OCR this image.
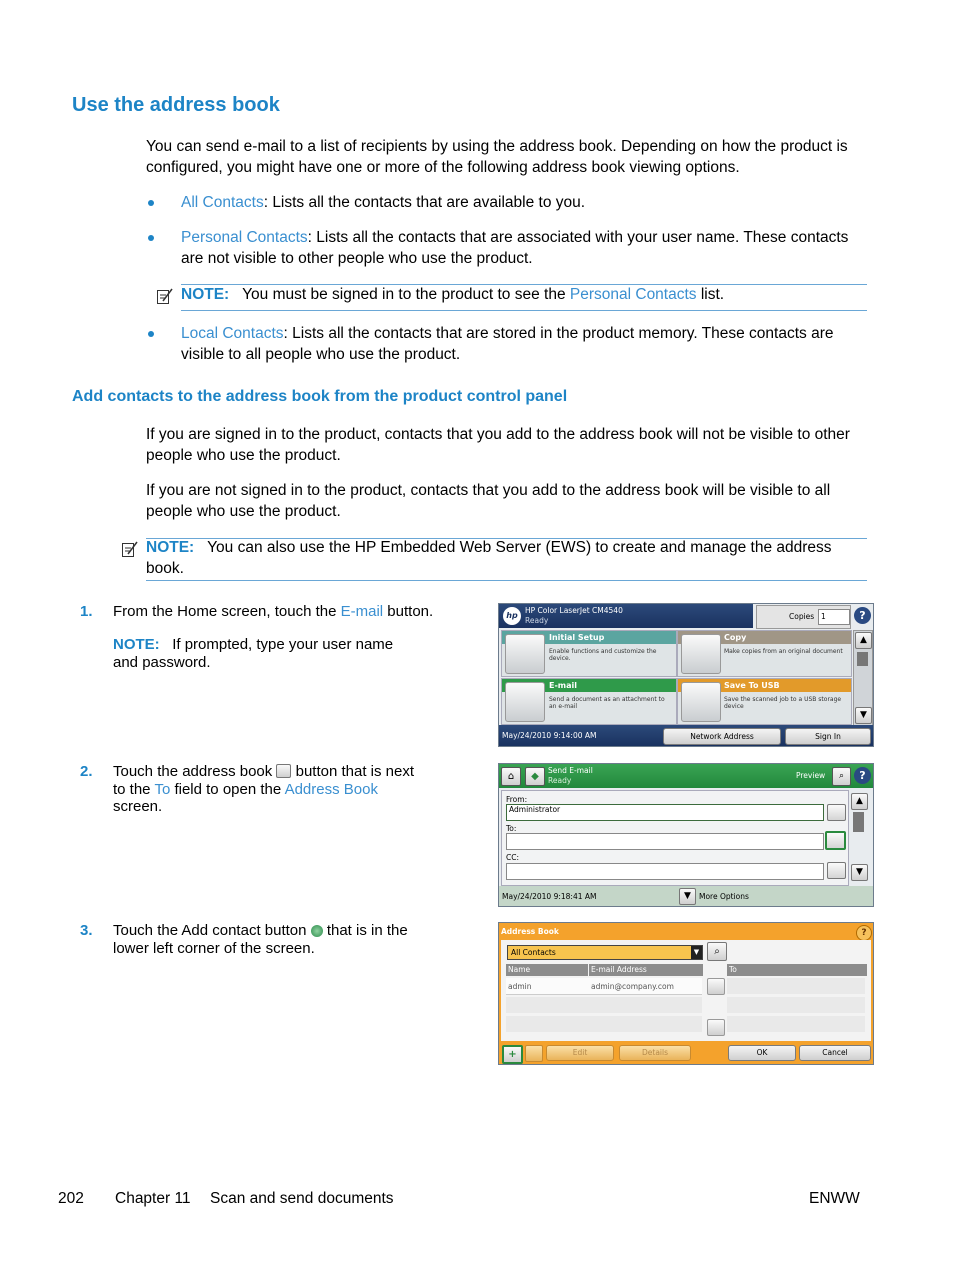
Use the address book
You can send e-mail to a list of recipients by using the address book. Depending on how the product is configured, you might have one or more of the following address book viewing options.
All Contacts: Lists all the contacts that are available to you.
Personal Contacts: Lists all the contacts that are associated with your user name. These contacts
are not visible to other people who use the product.
NOTE: You must be signed in to the product to see the Personal Contacts list.
Local Contacts: Lists all the contacts that are stored in the product memory. These contacts are
visible to all people who use the product.
Add contacts to the address book from the product control panel
If you are signed in to the product, contacts that you add to the address book will not be visible to other
people who use the product.
If you are not signed in to the product, contacts that you add to the address book will be visible to all
people who use the product.
NOTE: You can also use the HP Embedded Web Server (EWS) to create and manage the address
book.
1. From the Home screen, touch the E-mail button.
NOTE: If prompted, type your user name
and password.
hp
HP Color LaserJet CM4540
Ready	Copies 1	?
Initial Setup
Enable functions and customize the device.
Copy
Make copies from an original document
E-mail
Send a document as an attachment to an e-mail
Save To USB
Save the scanned job to a USB storage device
▲
▼
May/24/2010 9:14:00 AM	Network Address	Sign In
2. Touch the address book button that is next
to the To field to open the Address Book
screen.
⌂	◆
Send E-mail
Ready
Preview	⌕	?
From:
Administrator
To:
CC:
▲
▼
May/24/2010 9:18:41 AM	▼	More Options
3. Touch the Add contact button that is in the
lower left corner of the screen.
Address Book	?
All Contacts	▼	⌕
Name	E-mail Address	To
admin	admin@company.com
+	Edit	Details	OK	Cancel
202 Chapter 11 Scan and send documents	ENWW
